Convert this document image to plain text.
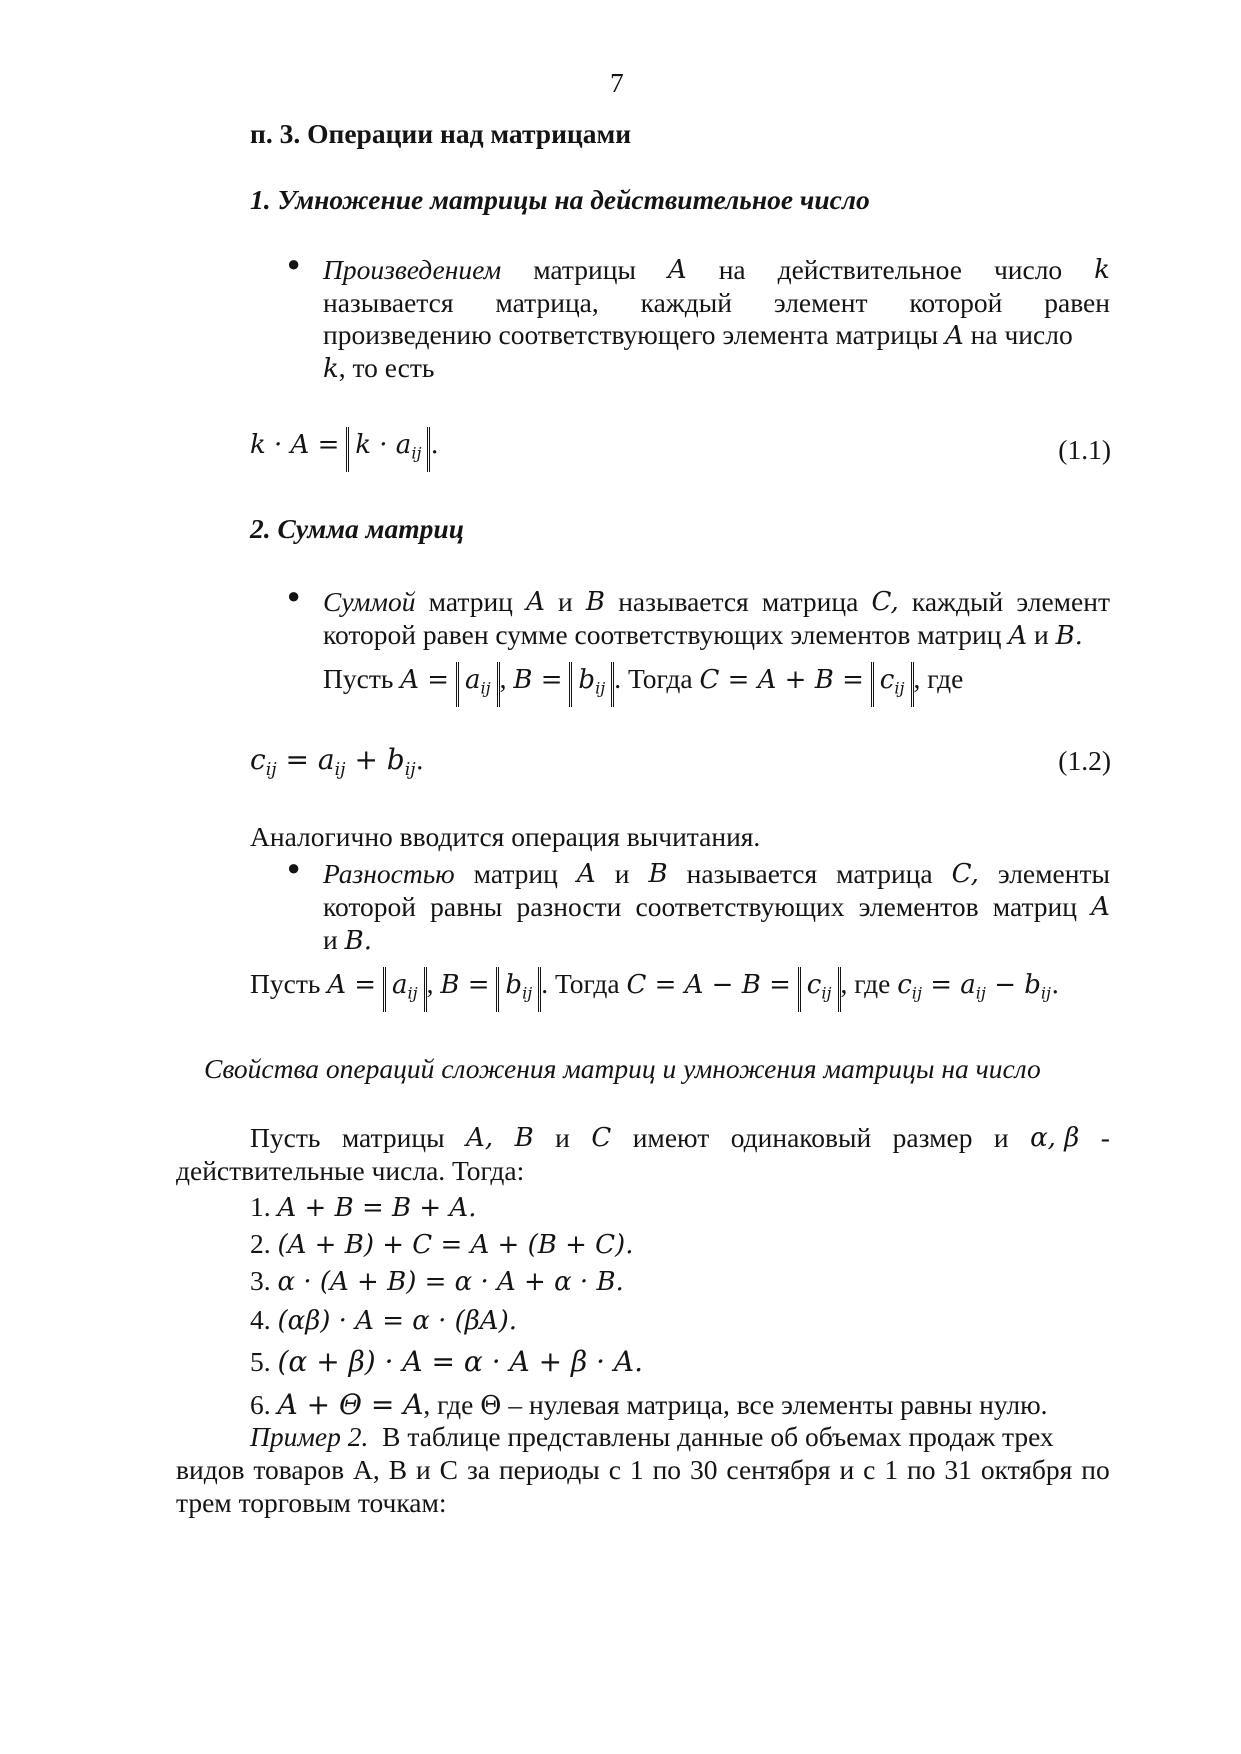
7
п. 3. Операции над матрицами
1. Умножение матрицы на действительное число
● Произведением матрицы A на действительное число k
называется матрица, каждый элемент которой равен
произведению соответствующего элемента матрицы A на число
k, то есть
$k \cdot A = k \cdot a_{ij}$ .	(1.1)
2. Сумма матриц
● Суммой матриц A и B называется матрица C, каждый элемент
которой равен сумме соответствующих элементов матриц A и B.
Пусть $A = a_{ij}$ , $B = b_{ij}$ . Тогда $C = A + B = c_{ij}$ , где
$c_{ij} = a_{ij} + b_{ij}$.	(1.2)
Аналогично вводится операция вычитания.
● Разностью матриц A и B называется матрица C, элементы
которой равны разности соответствующих элементов матриц A
и B.
Пусть $A = a_{ij}$ , $B = b_{ij}$ . Тогда $C = A - B = c_{ij}$ , где $c_{ij} = a_{ij} - b_{ij}$.
Свойства операций сложения матриц и умножения матрицы на число
Пусть матрицы A, B и C имеют одинаковый размер и α, β -
действительные числа. Тогда:
1. A + B = B + A.
2. (A + B) + C = A + (B + C).
3. α · (A + B) = α · A + α · B.
4. (αβ) · A = α · (βA).
5. (α + β) · A = α · A + β · A.
6. A + Θ = A, где Θ – нулевая матрица, все элементы равны нулю.
Пример 2. В таблице представлены данные об объемах продаж трех
видов товаров А, В и С за периоды с 1 по 30 сентября и с 1 по 31 октября по
трем торговым точкам:
